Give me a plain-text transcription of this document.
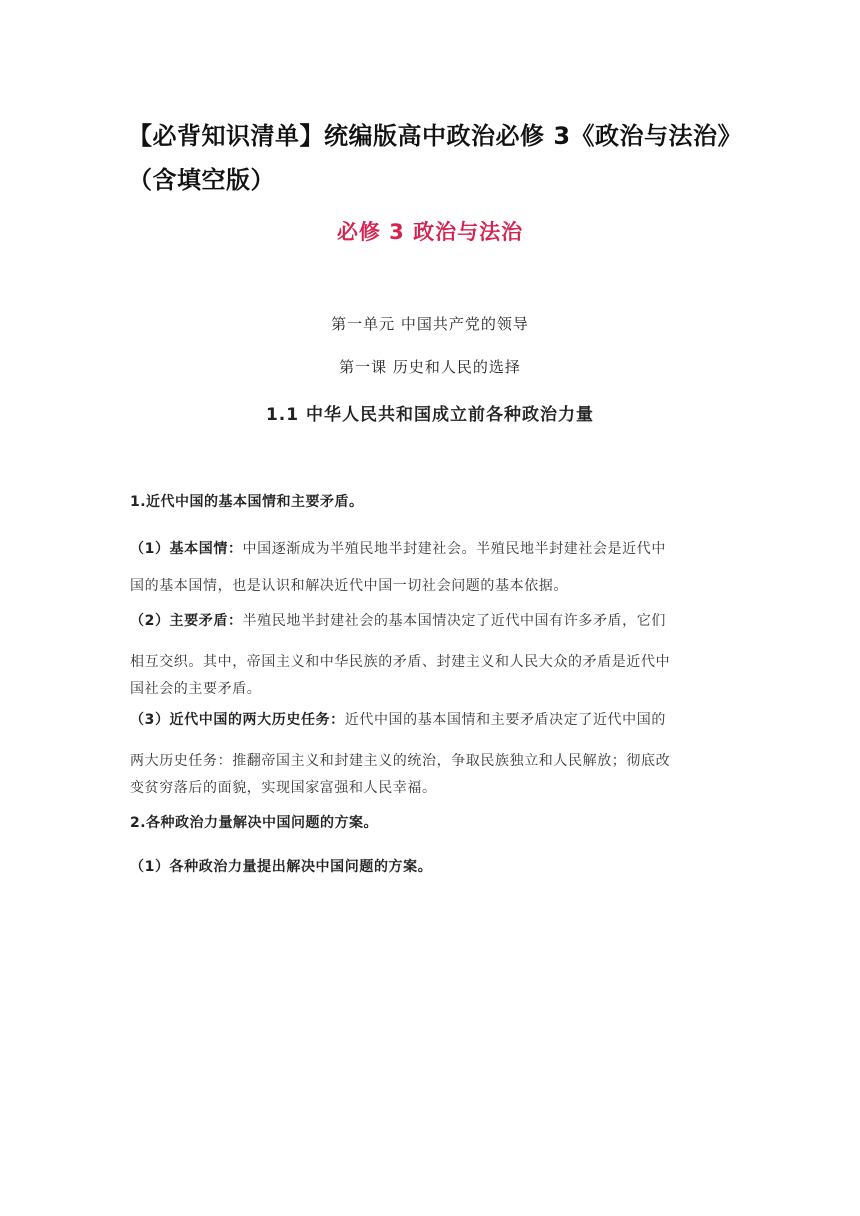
【必背知识清单】统编版高中政治必修 3《政治与法治》
（含填空版）
必修 3 政治与法治
第一单元 中国共产党的领导
第一课 历史和人民的选择
1.1 中华人民共和国成立前各种政治力量
1.近代中国的基本国情和主要矛盾。
（1）基本国情：中国逐渐成为半殖民地半封建社会。半殖民地半封建社会是近代中
国的基本国情，也是认识和解决近代中国一切社会问题的基本依据。
（2）主要矛盾：半殖民地半封建社会的基本国情决定了近代中国有许多矛盾，它们
相互交织。其中，帝国主义和中华民族的矛盾、封建主义和人民大众的矛盾是近代中
国社会的主要矛盾。
（3）近代中国的两大历史任务：近代中国的基本国情和主要矛盾决定了近代中国的
两大历史任务：推翻帝国主义和封建主义的统治，争取民族独立和人民解放；彻底改
变贫穷落后的面貌，实现国家富强和人民幸福。
2.各种政治力量解决中国问题的方案。
（1）各种政治力量提出解决中国问题的方案。
